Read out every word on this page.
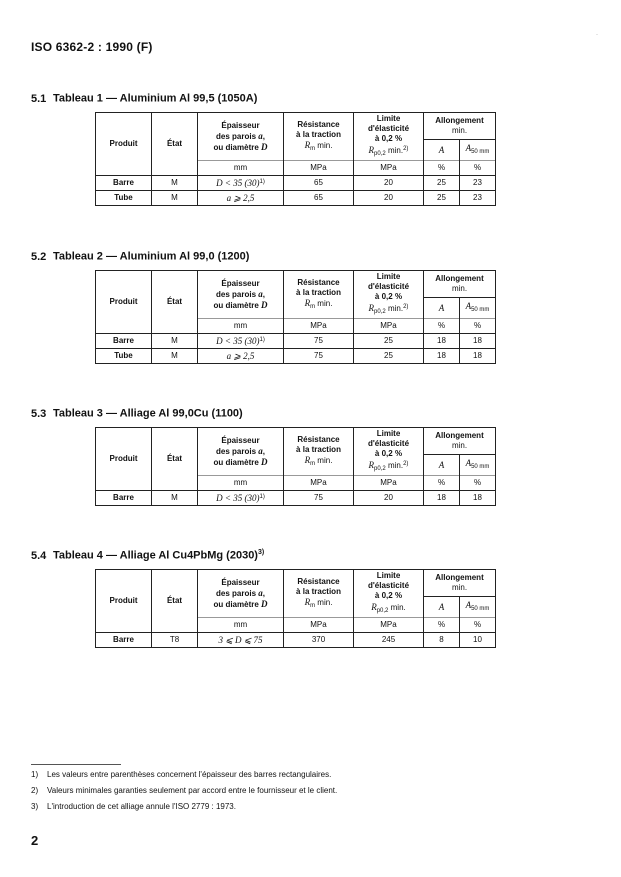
ISO 6362-2 : 1990 (F)
·
5.1 Tableau 1 — Aluminium Al 99,5 (1050A)
Produit	État	Épaisseur
des parois a,
ou diamètre D	Résistance
à la traction
$R_m$ min.	Limite
d'élasticité
à 0,2 %
$R_{p0,2}$ min.$^{2)}$	Allongement
min.	
					A	$A_{50 mm}$
		mm	MPa	MPa	%	%
Barre	M	D < 35 $(30)^{1)}$	65	20	25	23
Tube	M	a ⩾ 2,5	65	20	25	23
5.2 Tableau 2 — Aluminium Al 99,0 (1200)
Produit	État	Épaisseur
des parois a,
ou diamètre D	Résistance
à la traction
$R_m$ min.	Limite
d'élasticité
à 0,2 %
$R_{p0,2}$ min.$^{2)}$	Allongement
min.	
					A	$A_{50 mm}$
		mm	MPa	MPa	%	%
Barre	M	D < 35 $(30)^{1)}$	75	25	18	18
Tube	M	a ⩾ 2,5	75	25	18	18
5.3 Tableau 3 — Alliage Al 99,0Cu (1100)
Produit	État	Épaisseur
des parois a,
ou diamètre D	Résistance
à la traction
$R_m$ min.	Limite
d'élasticité
à 0,2 %
$R_{p0,2}$ min.$^{2)}$	Allongement
min.	
					A	$A_{50 mm}$
		mm	MPa	MPa	%	%
Barre	M	D < 35 $(30)^{1)}$	75	20	18	18
5.4 Tableau 4 — Alliage Al Cu4PbMg $(2030)^{3)}$
Produit	État	Épaisseur
des parois a,
ou diamètre D	Résistance
à la traction
$R_m$ min.	Limite
d'élasticité
à 0,2 %
$R_{p0,2}$ min.	Allongement
min.	
					A	$A_{50 mm}$
		mm	MPa	MPa	%	%
Barre	T8	3 ⩽ D ⩽ 75	370	245	8	10
1) Les valeurs entre parenthèses concernent l'épaisseur des barres rectangulaires.
2) Valeurs minimales garanties seulement par accord entre le fournisseur et le client.
3) L'introduction de cet alliage annule l'ISO 2779 : 1973.
2
